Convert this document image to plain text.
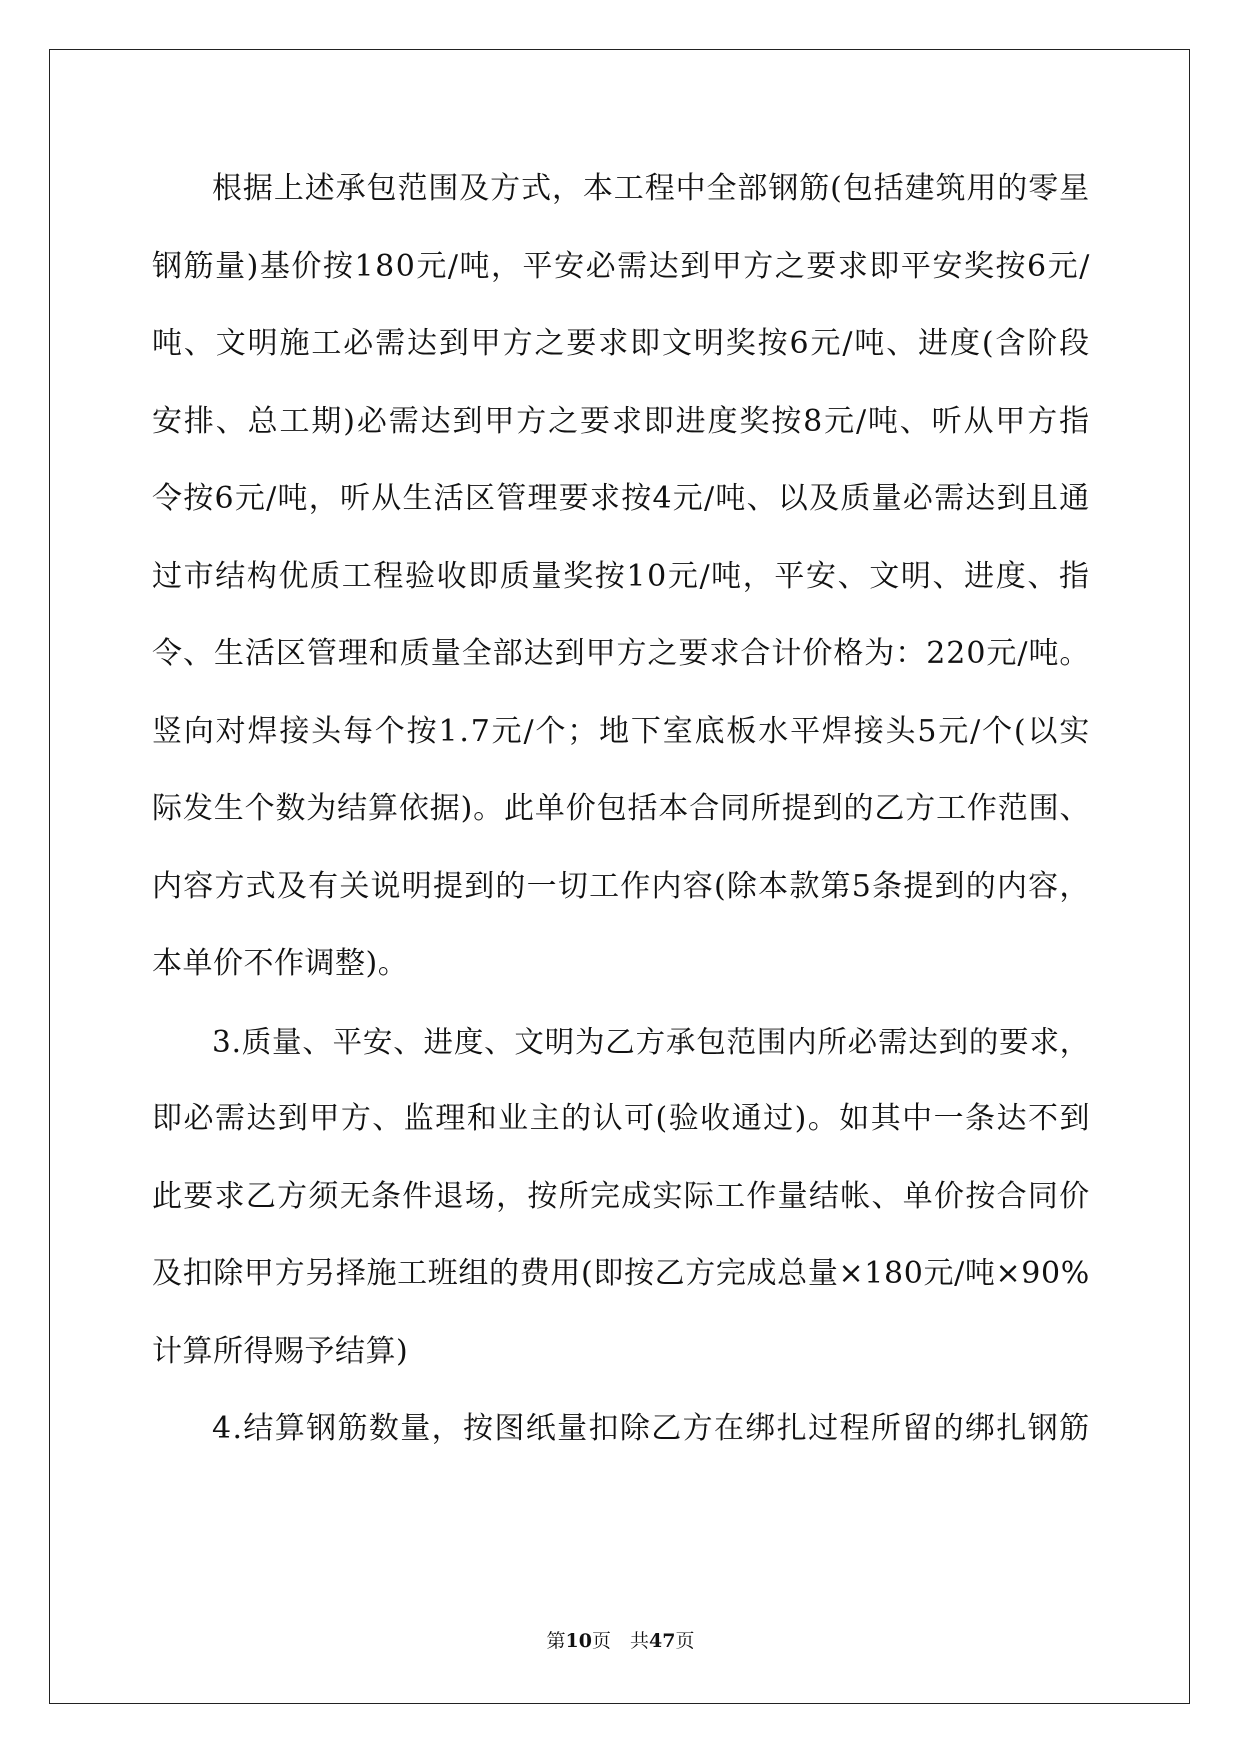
根 据 上 述 承 包 范 围 及 方 式 ， 本 工 程 中 全 部 钢 筋 ( 包 括 建 筑 用 的 零 星
钢 筋 量 ) 基 价 按 1 8 0 元 / 吨 ， 平 安 必 需 达 到 甲 方 之 要 求 即 平 安 奖 按 6 元 /
吨 、 文 明 施 工 必 需 达 到 甲 方 之 要 求 即 文 明 奖 按 6 元 / 吨 、 进 度 ( 含 阶 段
安 排 、 总 工 期 ) 必 需 达 到 甲 方 之 要 求 即 进 度 奖 按 8 元 / 吨 、 听 从 甲 方 指
令 按 6 元 / 吨 ， 听 从 生 活 区 管 理 要 求 按 4 元 / 吨 、 以 及 质 量 必 需 达 到 且 通
过 市 结 构 优 质 工 程 验 收 即 质 量 奖 按 1 0 元 / 吨 ， 平 安 、 文 明 、 进 度 、 指
令 、 生 活 区 管 理 和 质 量 全 部 达 到 甲 方 之 要 求 合 计 价 格 为 ： 2 2 0 元 / 吨 。
竖 向 对 焊 接 头 每 个 按 1 . 7 元 / 个 ； 地 下 室 底 板 水 平 焊 接 头 5 元 / 个 ( 以 实
际 发 生 个 数 为 结 算 依 据 ) 。 此 单 价 包 括 本 合 同 所 提 到 的 乙 方 工 作 范 围 、
内 容 方 式 及 有 关 说 明 提 到 的 一 切 工 作 内 容 ( 除 本 款 第 5 条 提 到 的 内 容 ，
本单价不作调整)。
3 . 质 量 、 平 安 、 进 度 、 文 明 为 乙 方 承 包 范 围 内 所 必 需 达 到 的 要 求 ，
即 必 需 达 到 甲 方 、 监 理 和 业 主 的 认 可 ( 验 收 通 过 ) 。 如 其 中 一 条 达 不 到
此 要 求 乙 方 须 无 条 件 退 场 ， 按 所 完 成 实 际 工 作 量 结 帐 、 单 价 按 合 同 价
及 扣 除 甲 方 另 择 施 工 班 组 的 费 用 ( 即 按 乙 方 完 成 总 量 × 1 8 0 元 / 吨 × 9 0 %
计算所得赐予结算)
4 . 结 算 钢 筋 数 量 ， 按 图 纸 量 扣 除 乙 方 在 绑 扎 过 程 所 留 的 绑 扎 钢 筋
第10页　共47页
